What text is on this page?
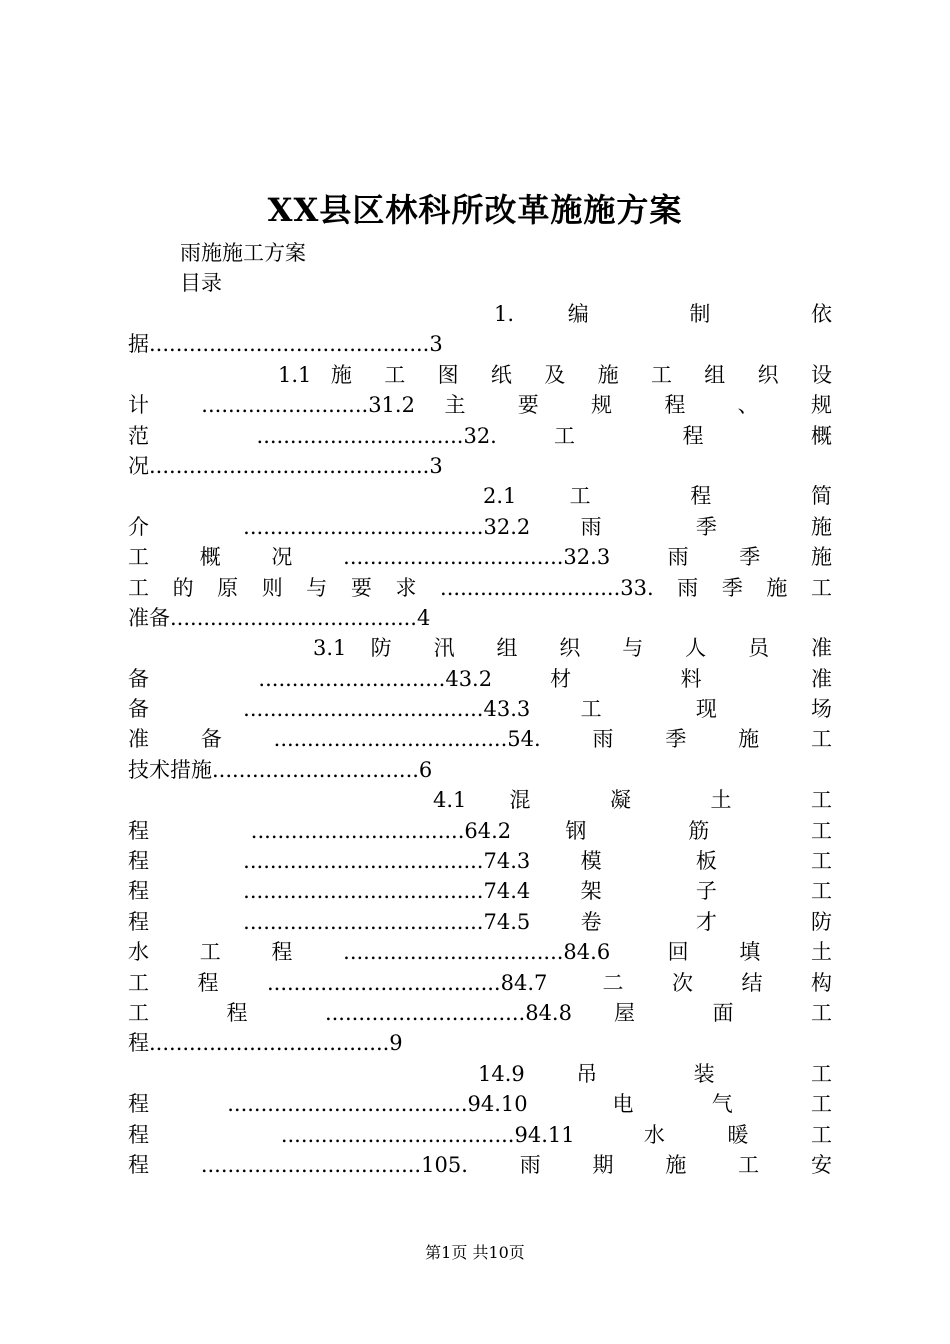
XX县区林科所改革施施方案
雨施施工方案
目录
1. 编 制 依
据..........................................3
1.1 施 工 图 纸 及 施 工 组 织 设
计 .........................31.2 主 要 规 程 、 规
范 ...............................32. 工 程 概
况..........................................3
2.1 工 程 简
介 ....................................32.2 雨 季 施
工概况.................................32.3 雨季施
工的原则与要求...........................33.雨季施工
准备.....................................4
3.1 防 汛 组 织 与 人 员 准
备 ............................43.2 材 料 准
备 ....................................43.3 工 现 场
准备...................................54.雨季施工
技术措施...............................6
4.1 混 凝 土 工
程 ................................64.2 钢 筋 工
程 ....................................74.3 模 板 工
程 ....................................74.4 架 子 工
程 ....................................74.5 卷 才 防
水工程.................................84.6 回填土
工程...................................84.7 二次结构
工 程 ..............................84.8 屋 面 工
程....................................9
14.9 吊 装 工
程....................................94.10 电气工
程 ...................................94.11 水暖工
程.................................105.雨期施工安
第1页 共10页
